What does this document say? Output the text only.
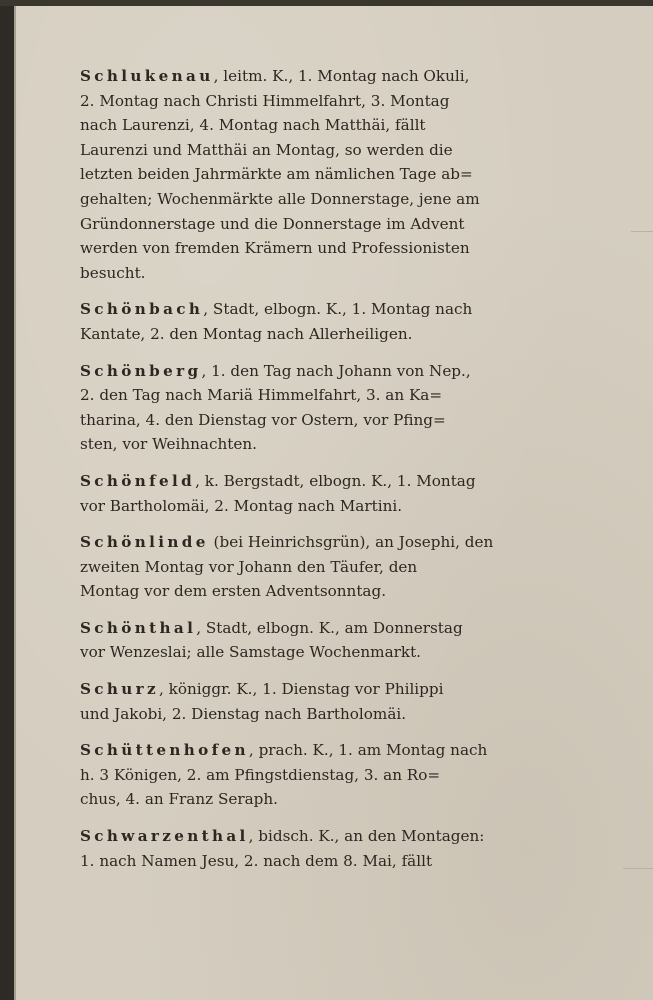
Schlukenau, leitm. K., 1. Montag nach Okuli,
2. Montag nach Christi Himmelfahrt, 3. Montag
nach Laurenzi, 4. Montag nach Matthäi, fällt
Laurenzi und Matthäi an Montag, so werden die
letzten beiden Jahrmärkte am nämlichen Tage ab=
gehalten; Wochenmärkte alle Donnerstage, jene am
Gründonnerstage und die Donnerstage im Advent
werden von fremden Krämern und Professionisten
besucht.
Schönbach, Stadt, elbogn. K., 1. Montag nach
Kantate, 2. den Montag nach Allerheiligen.
Schönberg, 1. den Tag nach Johann von Nep.,
2. den Tag nach Mariä Himmelfahrt, 3. an Ka=
tharina, 4. den Dienstag vor Ostern, vor Pfing=
sten, vor Weihnachten.
Schönfeld, k. Bergstadt, elbogn. K., 1. Montag
vor Bartholomäi, 2. Montag nach Martini.
Schönlinde (bei Heinrichsgrün), an Josephi, den
zweiten Montag vor Johann den Täufer, den
Montag vor dem ersten Adventsonntag.
Schönthal, Stadt, elbogn. K., am Donnerstag
vor Wenzeslai; alle Samstage Wochenmarkt.
Schurz, königgr. K., 1. Dienstag vor Philippi
und Jakobi, 2. Dienstag nach Bartholomäi.
Schüttenhofen, prach. K., 1. am Montag nach
h. 3 Königen, 2. am Pfingstdienstag, 3. an Ro=
chus, 4. an Franz Seraph.
Schwarzenthal, bidsch. K., an den Montagen:
1. nach Namen Jesu, 2. nach dem 8. Mai, fällt
